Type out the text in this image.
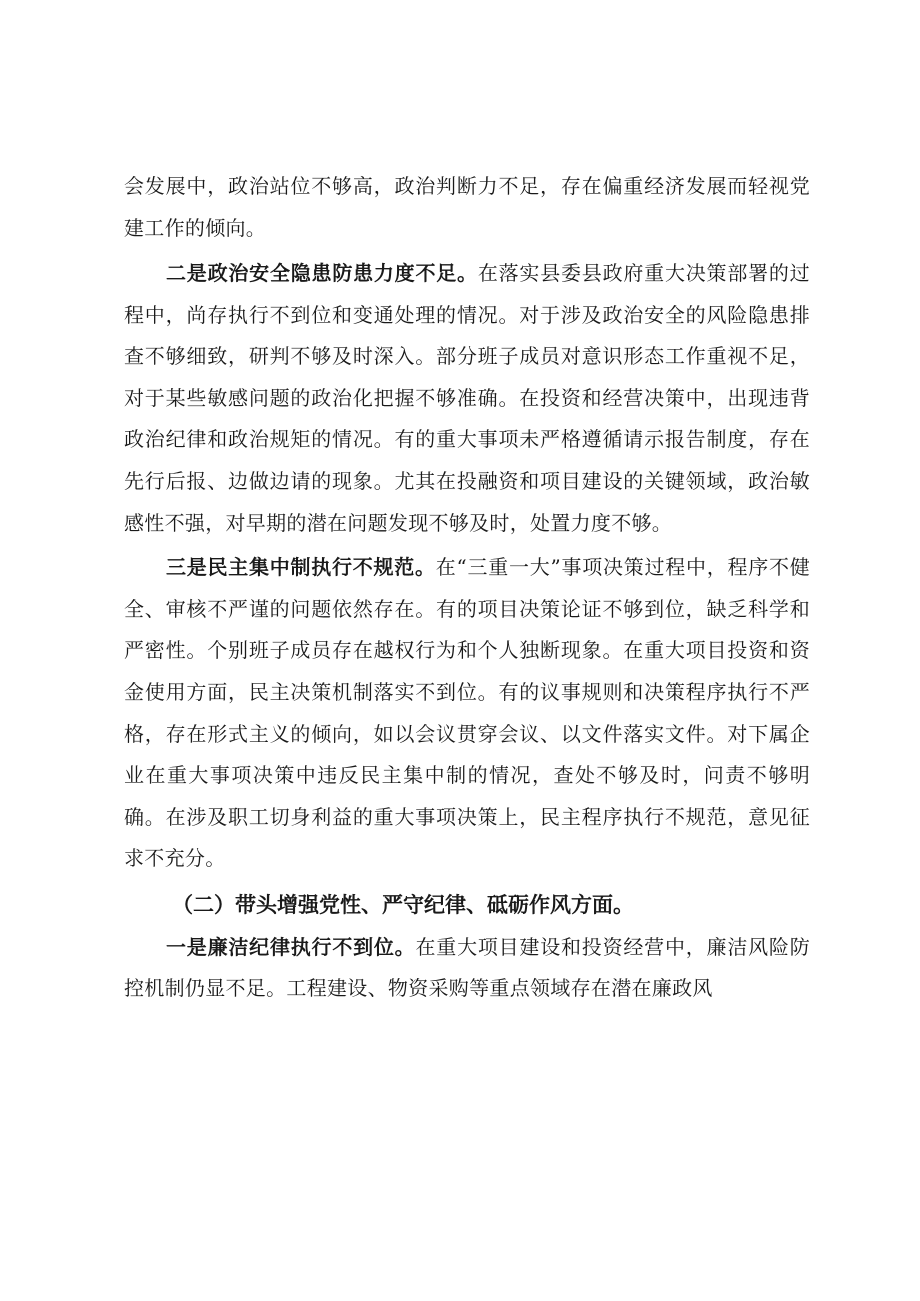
会发展中，政治站位不够高，政治判断力不足，存在偏重经济发展而轻视党建工作的倾向。

二是政治安全隐患防患力度不足。在落实县委县政府重大决策部署的过程中，尚存执行不到位和变通处理的情况。对于涉及政治安全的风险隐患排查不够细致，研判不够及时深入。部分班子成员对意识形态工作重视不足，对于某些敏感问题的政治化把握不够准确。在投资和经营决策中，出现违背政治纪律和政治规矩的情况。有的重大事项未严格遵循请示报告制度，存在先行后报、边做边请的现象。尤其在投融资和项目建设的关键领域，政治敏感性不强，对早期的潜在问题发现不够及时，处置力度不够。

三是民主集中制执行不规范。在“三重一大”事项决策过程中，程序不健全、审核不严谨的问题依然存在。有的项目决策论证不够到位，缺乏科学和严密性。个别班子成员存在越权行为和个人独断现象。在重大项目投资和资金使用方面，民主决策机制落实不到位。有的议事规则和决策程序执行不严格，存在形式主义的倾向，如以会议贯穿会议、以文件落实文件。对下属企业在重大事项决策中违反民主集中制的情况，查处不够及时，问责不够明确。在涉及职工切身利益的重大事项决策上，民主程序执行不规范，意见征求不充分。

（二）带头增强党性、严守纪律、砥砺作风方面。

一是廉洁纪律执行不到位。在重大项目建设和投资经营中，廉洁风险防控机制仍显不足。工程建设、物资采购等重点领域存在潜在廉政风
